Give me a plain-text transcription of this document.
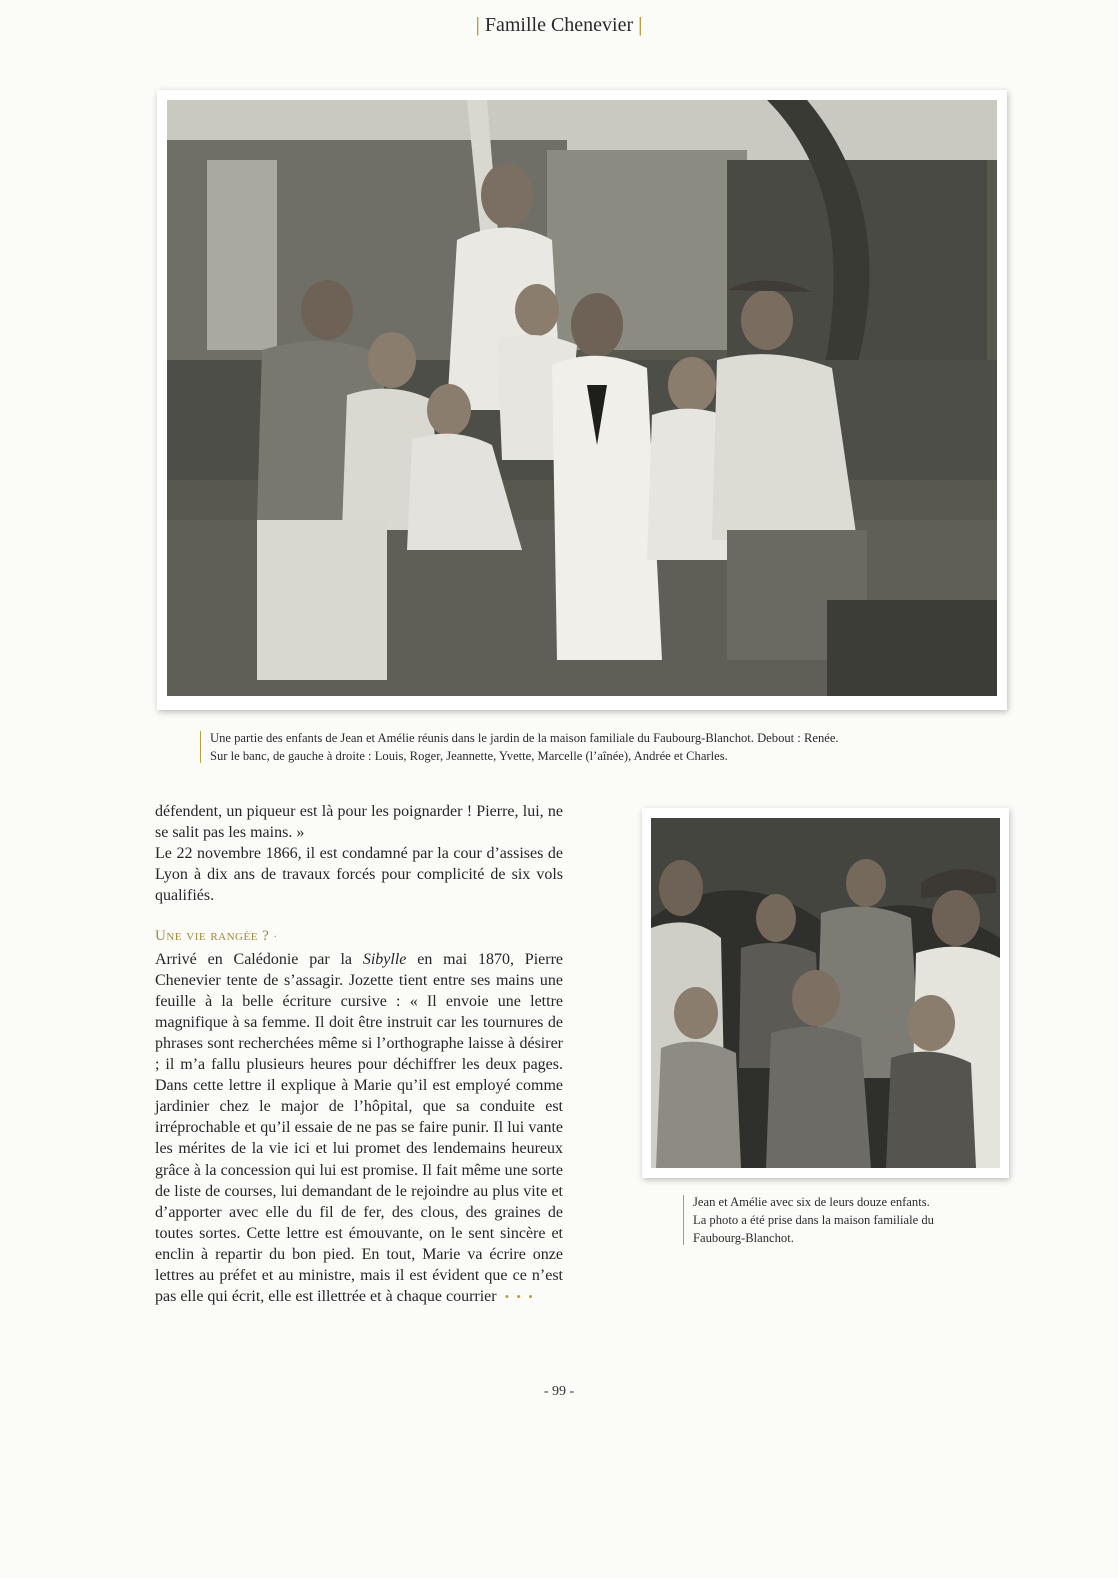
| Famille Chenevier |
Une partie des enfants de Jean et Amélie réunis dans le jardin de la maison familiale du Faubourg-Blanchot. Debout : Renée.
Sur le banc, de gauche à droite : Louis, Roger, Jeannette, Yvette, Marcelle (l’aînée), Andrée et Charles.

défendent, un piqueur est là pour les poignarder ! Pierre, lui, ne se salit pas les mains. »

Le 22 novembre 1866, il est condamné par la cour d’assises de Lyon à dix ans de travaux forcés pour complicité de six vols qualifiés.

Une vie rangée ? ·

Arrivé en Calédonie par la Sibylle en mai 1870, Pierre Chenevier tente de s’assagir. Jozette tient entre ses mains une feuille à la belle écriture cursive : « Il envoie une lettre magnifique à sa femme. Il doit être instruit car les tournures de phrases sont recherchées même si l’orthographe laisse à désirer ; il m’a fallu plusieurs heures pour déchiffrer les deux pages. Dans cette lettre il explique à Marie qu’il est employé comme jardinier chez le major de l’hôpital, que sa conduite est irréprochable et qu’il essaie de ne pas se faire punir. Il lui vante les mérites de la vie ici et lui promet des lendemains heureux grâce à la concession qui lui est promise. Il fait même une sorte de liste de courses, lui demandant de le rejoindre au plus vite et d’apporter avec elle du fil de fer, des clous, des graines de toutes sortes. Cette lettre est émouvante, on le sent sincère et enclin à repartir du bon pied. En tout, Marie va écrire onze lettres au préfet et au ministre, mais il est évident que ce n’est pas elle qui écrit, elle est illettrée et à chaque courrier • • •

Jean et Amélie avec six de leurs douze enfants.
La photo a été prise dans la maison familiale du
Faubourg-Blanchot.
- 99 -
